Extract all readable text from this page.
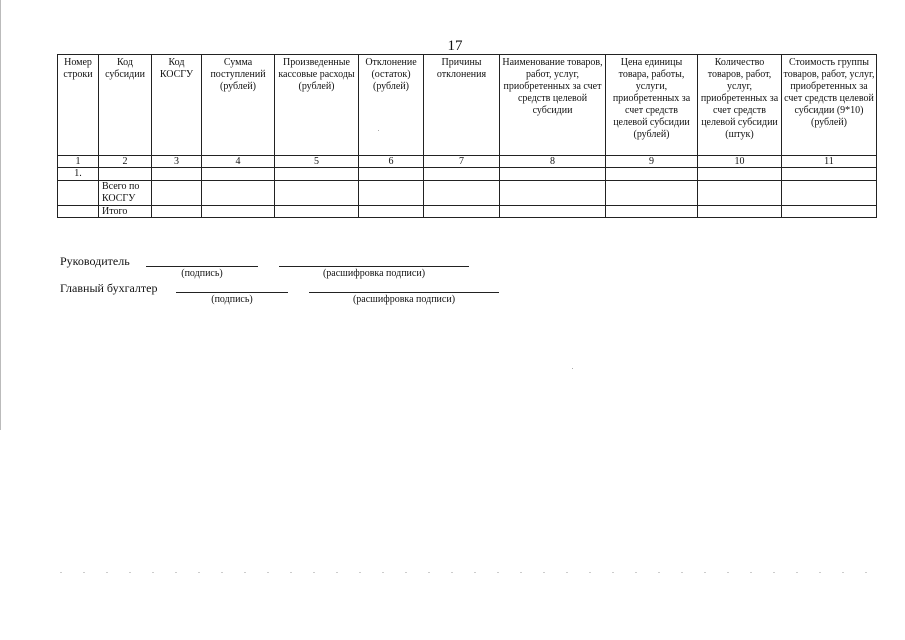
17
Номер строки	Код субсидии	Код КОСГУ	Сумма поступлений (рублей)	Произведенные кассовые расходы (рублей)	Отклонение (остаток) (рублей)	Причины отклонения	Наименование товаров, работ, услуг, приобретенных за счет средств целевой субсидии	Цена единицы товара, работы, услуги, приобретенных за счет средств целевой субсидии (рублей)	Количество товаров, работ, услуг, приобретенных за счет средств целевой субсидии (штук)	Стоимость группы товаров, работ, услуг, приобретенных за счет средств целевой субсидии (9*10) (рублей)
1	2	3	4	5	6	7	8	9	10	11
1.										
	Всего по КОСГУ									
	Итого									
Руководитель
(подпись)	(расшифровка подписи)
Главный бухгалтер
(подпись)	(расшифровка подписи)
